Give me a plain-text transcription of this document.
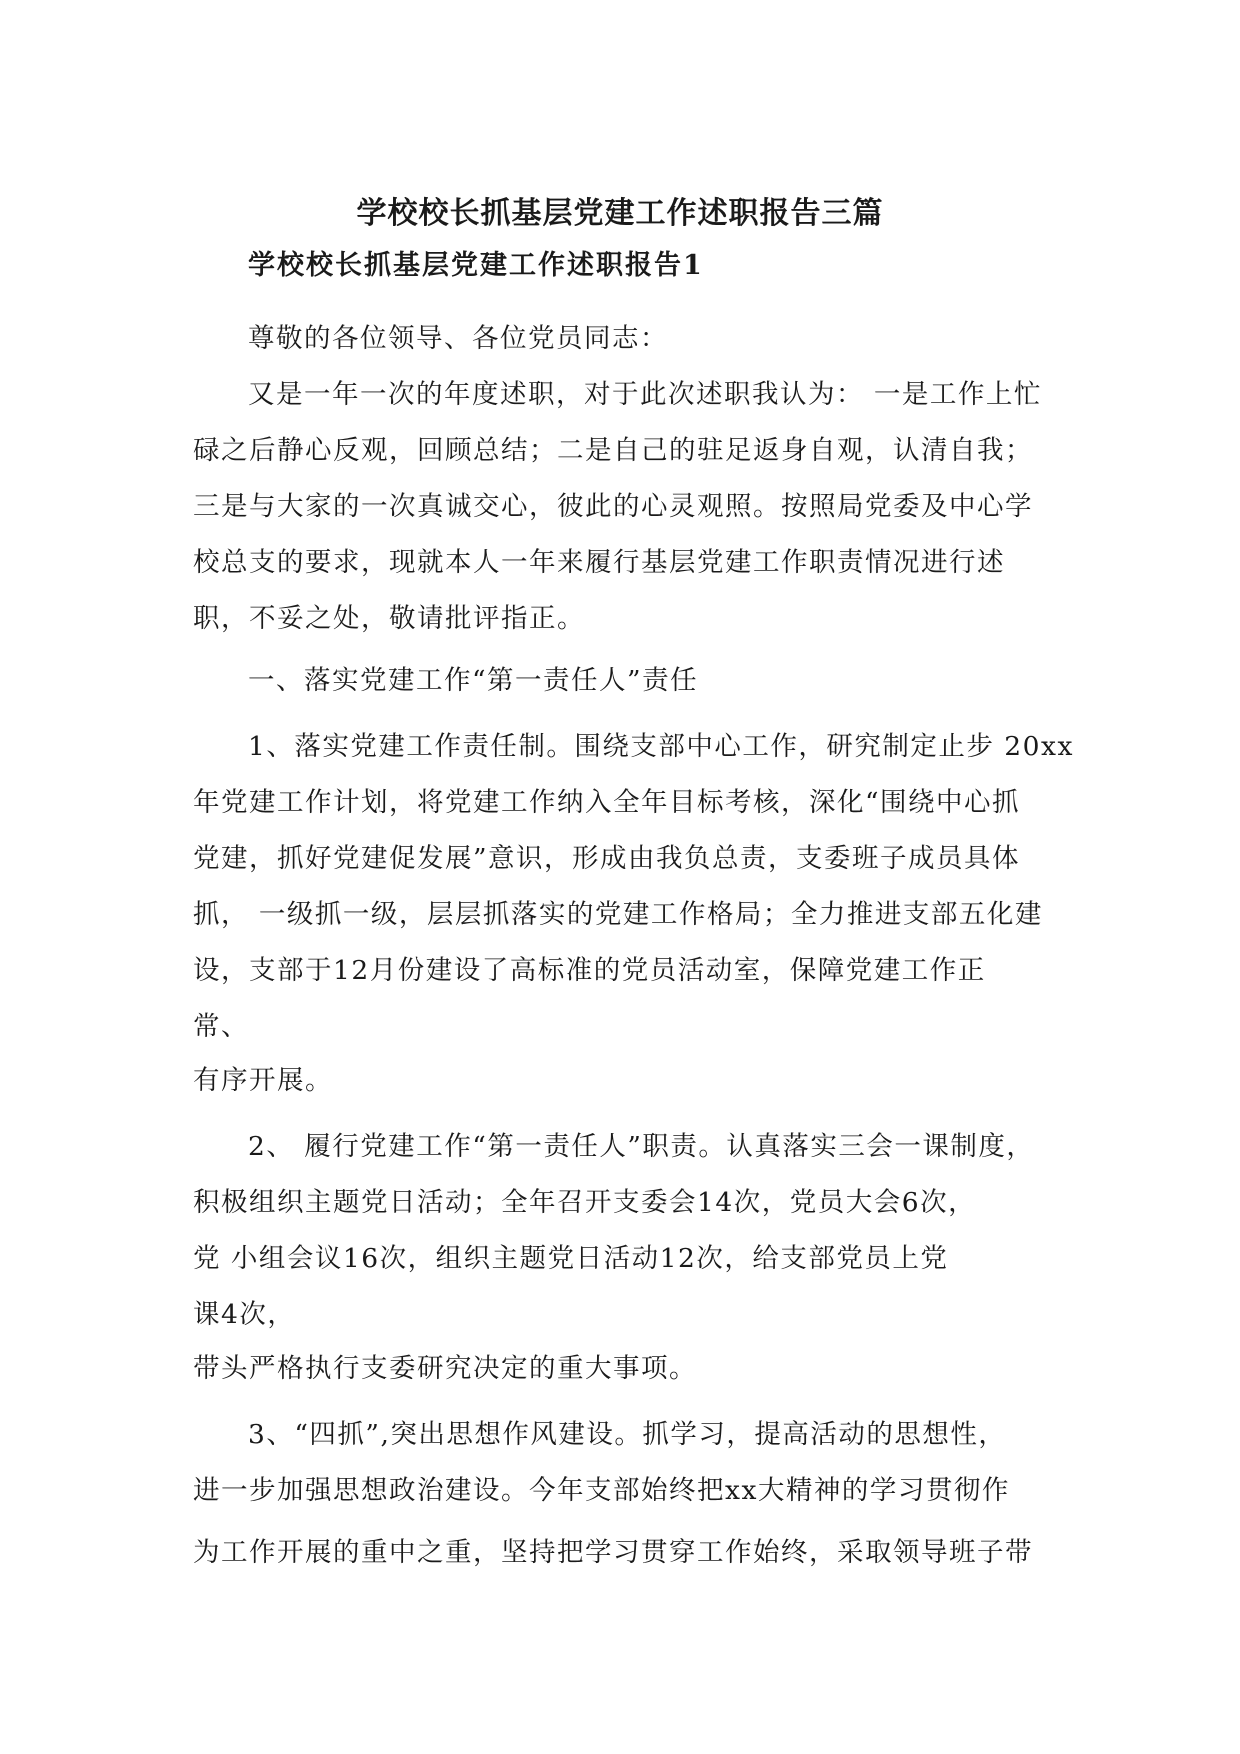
学校校长抓基层党建工作述职报告三篇
学校校长抓基层党建工作述职报告1

尊敬的各位领导、各位党员同志：

又是一年一次的年度述职，对于此次述职我认为： 一是工作上忙

碌之后静心反观，回顾总结；二是自己的驻足返身自观，认清自我；

三是与大家的一次真诚交心，彼此的心灵观照。按照局党委及中心学

校总支的要求，现就本人一年来履行基层党建工作职责情况进行述

职，不妥之处，敬请批评指正。

一、落实党建工作“第一责任人”责任

1、落实党建工作责任制。围绕支部中心工作，研究制定止步 20xx

年党建工作计划，将党建工作纳入全年目标考核，深化“围绕中心抓

党建，抓好党建促发展”意识，形成由我负总责，支委班子成员具体

抓， 一级抓一级，层层抓落实的党建工作格局；全力推进支部五化建

设，支部于12月份建设了高标准的党员活动室，保障党建工作正

常、

有序开展。

2、 履行党建工作“第一责任人”职责。认真落实三会一课制度，

积极组织主题党日活动；全年召开支委会14次，党员大会6次，

党 小组会议16次，组织主题党日活动12次，给支部党员上党

课4次，

带头严格执行支委研究决定的重大事项。

3、“四抓”,突出思想作风建设。抓学习，提高活动的思想性，

进一步加强思想政治建设。今年支部始终把xx大精神的学习贯彻作

为工作开展的重中之重，坚持把学习贯穿工作始终，采取领导班子带
